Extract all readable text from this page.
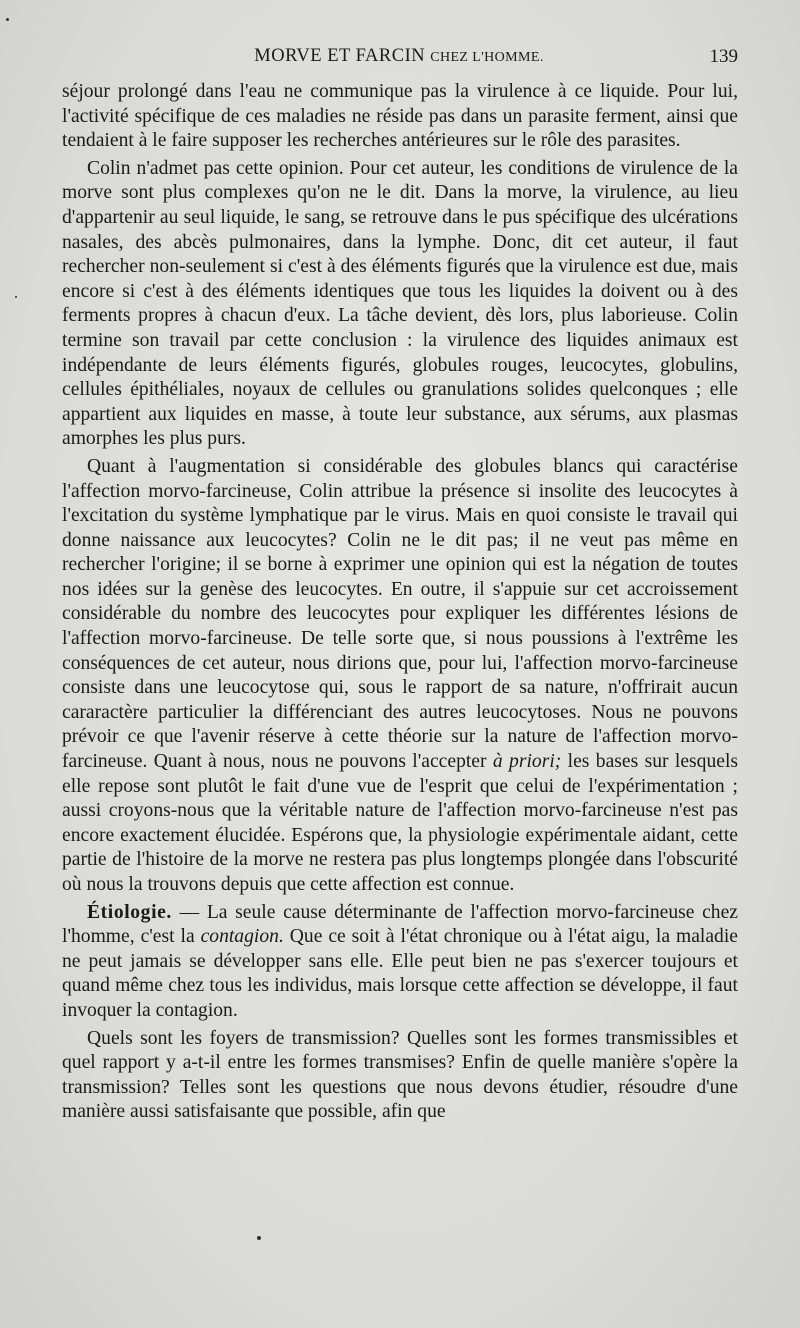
MORVE ET FARCIN CHEZ L'HOMME.	139

séjour prolongé dans l'eau ne communique pas la virulence à ce liquide. Pour lui, l'activité spécifique de ces maladies ne réside pas dans un parasite ferment, ainsi que tendaient à le faire supposer les recherches antérieures sur le rôle des parasites.

Colin n'admet pas cette opinion. Pour cet auteur, les conditions de virulence de la morve sont plus complexes qu'on ne le dit. Dans la morve, la virulence, au lieu d'appartenir au seul liquide, le sang, se retrouve dans le pus spécifique des ulcérations nasales, des abcès pulmonaires, dans la lymphe. Donc, dit cet auteur, il faut rechercher non-seulement si c'est à des éléments figurés que la virulence est due, mais encore si c'est à des éléments identiques que tous les liquides la doivent ou à des ferments propres à chacun d'eux. La tâche devient, dès lors, plus laborieuse. Colin termine son travail par cette conclusion : la virulence des liquides animaux est indépendante de leurs éléments figurés, globules rouges, leucocytes, globulins, cellules épithéliales, noyaux de cellules ou granulations solides quelconques ; elle appartient aux liquides en masse, à toute leur substance, aux sérums, aux plasmas amorphes les plus purs.

Quant à l'augmentation si considérable des globules blancs qui caractérise l'affection morvo-farcineuse, Colin attribue la présence si insolite des leucocytes à l'excitation du système lymphatique par le virus. Mais en quoi consiste le travail qui donne naissance aux leucocytes? Colin ne le dit pas; il ne veut pas même en rechercher l'origine; il se borne à exprimer une opinion qui est la négation de toutes nos idées sur la genèse des leucocytes. En outre, il s'appuie sur cet accroissement considérable du nombre des leucocytes pour expliquer les différentes lésions de l'affection morvo-farcineuse. De telle sorte que, si nous poussions à l'extrême les conséquences de cet auteur, nous dirions que, pour lui, l'affection morvo-farcineuse consiste dans une leucocytose qui, sous le rapport de sa nature, n'offrirait aucun cararactère particulier la différenciant des autres leucocytoses. Nous ne pouvons prévoir ce que l'avenir réserve à cette théorie sur la nature de l'affection morvo-farcineuse. Quant à nous, nous ne pouvons l'accepter à priori; les bases sur lesquels elle repose sont plutôt le fait d'une vue de l'esprit que celui de l'expérimentation ; aussi croyons-nous que la véritable nature de l'affection morvo-farcineuse n'est pas encore exactement élucidée. Espérons que, la physiologie expérimentale aidant, cette partie de l'histoire de la morve ne restera pas plus longtemps plongée dans l'obscurité où nous la trouvons depuis que cette affection est connue.

Étiologie. — La seule cause déterminante de l'affection morvo-farcineuse chez l'homme, c'est la contagion. Que ce soit à l'état chronique ou à l'état aigu, la maladie ne peut jamais se développer sans elle. Elle peut bien ne pas s'exercer toujours et quand même chez tous les individus, mais lorsque cette affection se développe, il faut invoquer la contagion.

Quels sont les foyers de transmission? Quelles sont les formes transmissibles et quel rapport y a-t-il entre les formes transmises? Enfin de quelle manière s'opère la transmission? Telles sont les questions que nous devons étudier, résoudre d'une manière aussi satisfaisante que possible, afin que
